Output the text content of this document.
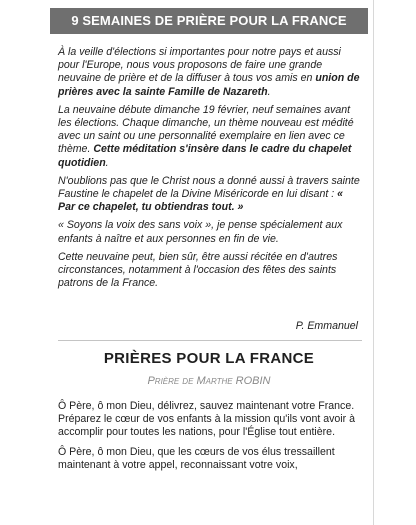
9 SEMAINES DE PRIÈRE POUR LA FRANCE

À la veille d'élections si importantes pour notre pays et aussi pour l'Europe, nous vous proposons de faire une grande neuvaine de prière et de la diffuser à tous vos amis en union de prières avec la sainte Famille de Nazareth.

La neuvaine débute dimanche 19 février, neuf semaines avant les élections. Chaque dimanche, un thème nouveau est médité avec un saint ou une personnalité exemplaire en lien avec ce thème. Cette méditation s'insère dans le cadre du chapelet quotidien.

N'oublions pas que le Christ nous a donné aussi à travers sainte Faustine le chapelet de la Divine Miséricorde en lui disant : « Par ce chapelet, tu obtiendras tout. »

« Soyons la voix des sans voix », je pense spécialement aux enfants à naître et aux personnes en fin de vie.

Cette neuvaine peut, bien sûr, être aussi récitée en d'autres circonstances, notamment à l'occasion des fêtes des saints patrons de la France.

P. Emmanuel
PRIÈRES POUR LA FRANCE
Prière de Marthe ROBIN

Ô Père, ô mon Dieu, délivrez, sauvez maintenant votre France. Préparez le cœur de vos enfants à la mission qu'ils vont avoir à accomplir pour toutes les nations, pour l'Église tout entière.

Ô Père, ô mon Dieu, que les cœurs de vos élus tressaillent maintenant à votre appel, reconnaissant votre voix,
